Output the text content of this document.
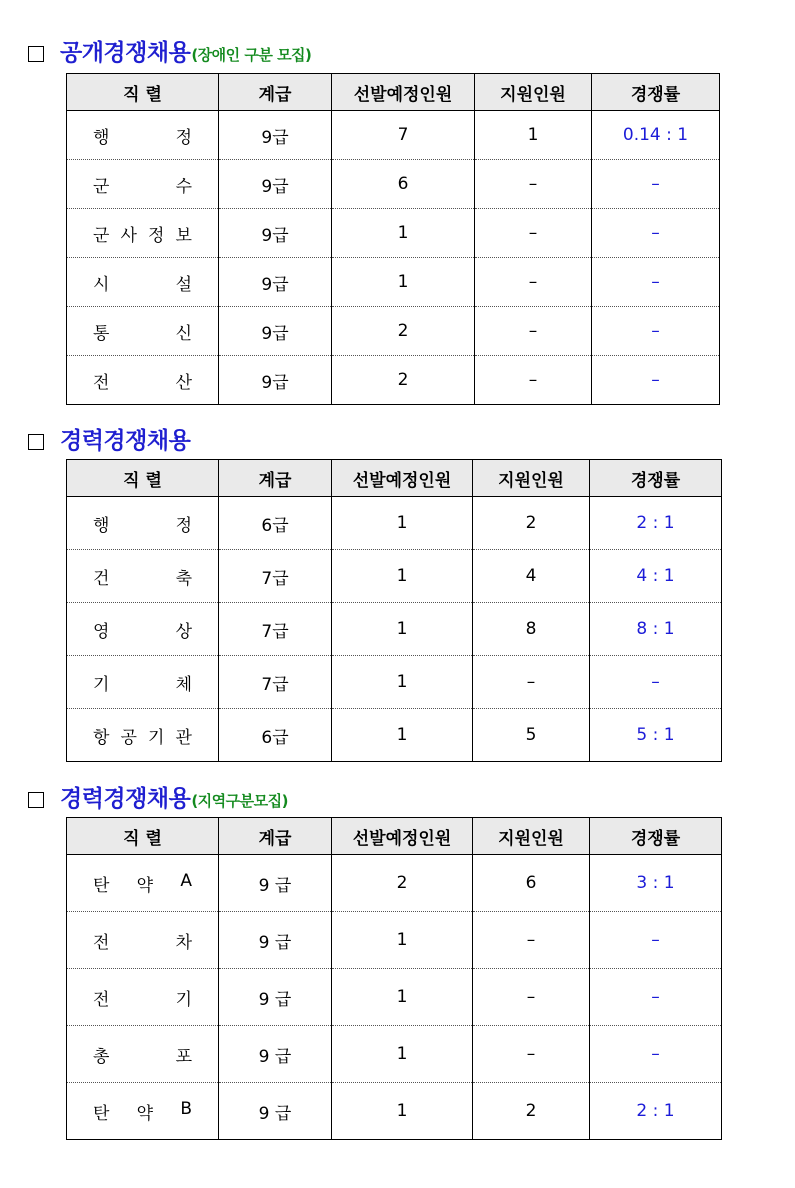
공개경쟁채용 (장애인 구분 모집)
직 렬	계급	선발예정인원	지원인원	경쟁률

행 정	9급	7	1	0.14 : 1

군 수	9급	6	–	–

군 사 정 보	9급	1	–	–

시 설	9급	1	–	–

통 신	9급	2	–	–

전 산	9급	2	–	–
경력경쟁채용
직 렬	계급	선발예정인원	지원인원	경쟁률

행 정	6급	1	2	2 : 1

건 축	7급	1	4	4 : 1

영 상	7급	1	8	8 : 1

기 체	7급	1	–	–

항 공 기 관	6급	1	5	5 : 1
경력경쟁채용 (지역구분모집)
직 렬	계급	선발예정인원	지원인원	경쟁률

탄 약 A	9 급	2	6	3 : 1

전 차	9 급	1	–	–

전 기	9 급	1	–	–

총 포	9 급	1	–	–

탄 약 B	9 급	1	2	2 : 1
